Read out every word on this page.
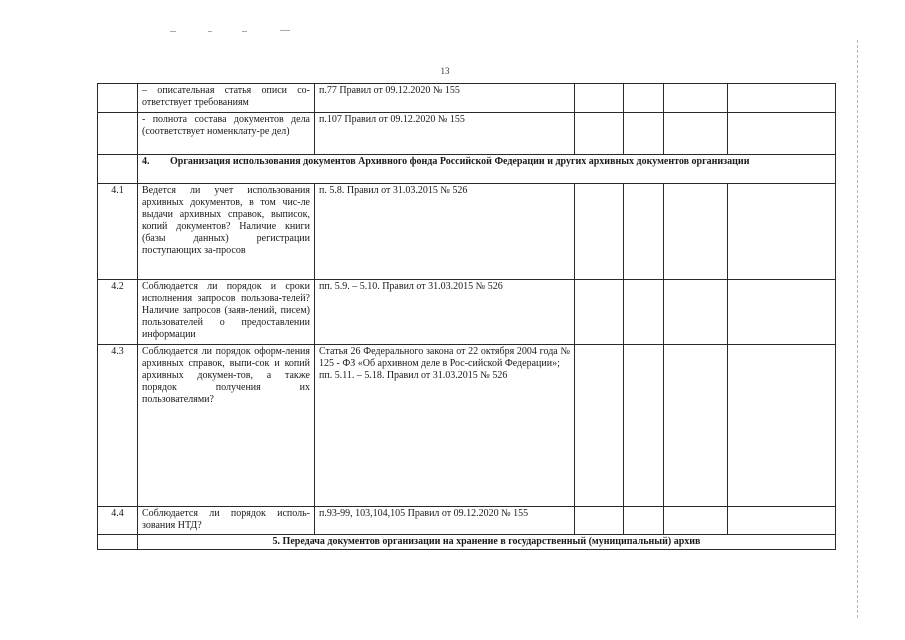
13
	– описательная статья описи со-ответствует требованиям	п.77 Правил от 09.12.2020 № 155				
	- полнота состава документов дела (соответствует номенклату-ре дел)	п.107 Правил от 09.12.2020 № 155				
	4. Организация использования документов Архивного фонда Российской Федерации и других архивных документов организации					
4.1	Ведется ли учет использования архивных документов, в том чис-ле выдачи архивных справок, выписок, копий документов? Наличие книги (базы данных) регистрации поступающих за-просов	п. 5.8. Правил от 31.03.2015 № 526				
4.2	Соблюдается ли порядок и сроки исполнения запросов пользова-телей? Наличие запросов (заяв-лений, писем) пользователей о предоставлении информации	пп. 5.9. – 5.10. Правил от 31.03.2015 № 526				
4.3	Соблюдается ли порядок оформ-ления архивных справок, выпи-сок и копий архивных докумен-тов, а также порядок получения их пользователями?	Статья 26 Федерального закона от 22 октября 2004 года № 125 - ФЗ «Об архивном деле в Рос-сийской Федерации»;
пп. 5.11. – 5.18. Правил от 31.03.2015 № 526				

4.4	Соблюдается ли порядок исполь-зования НТД?	п.93-99, 103,104,105 Правил от 09.12.2020 № 155				
	5. Передача документов организации на хранение в государственный (муниципальный) архив					
